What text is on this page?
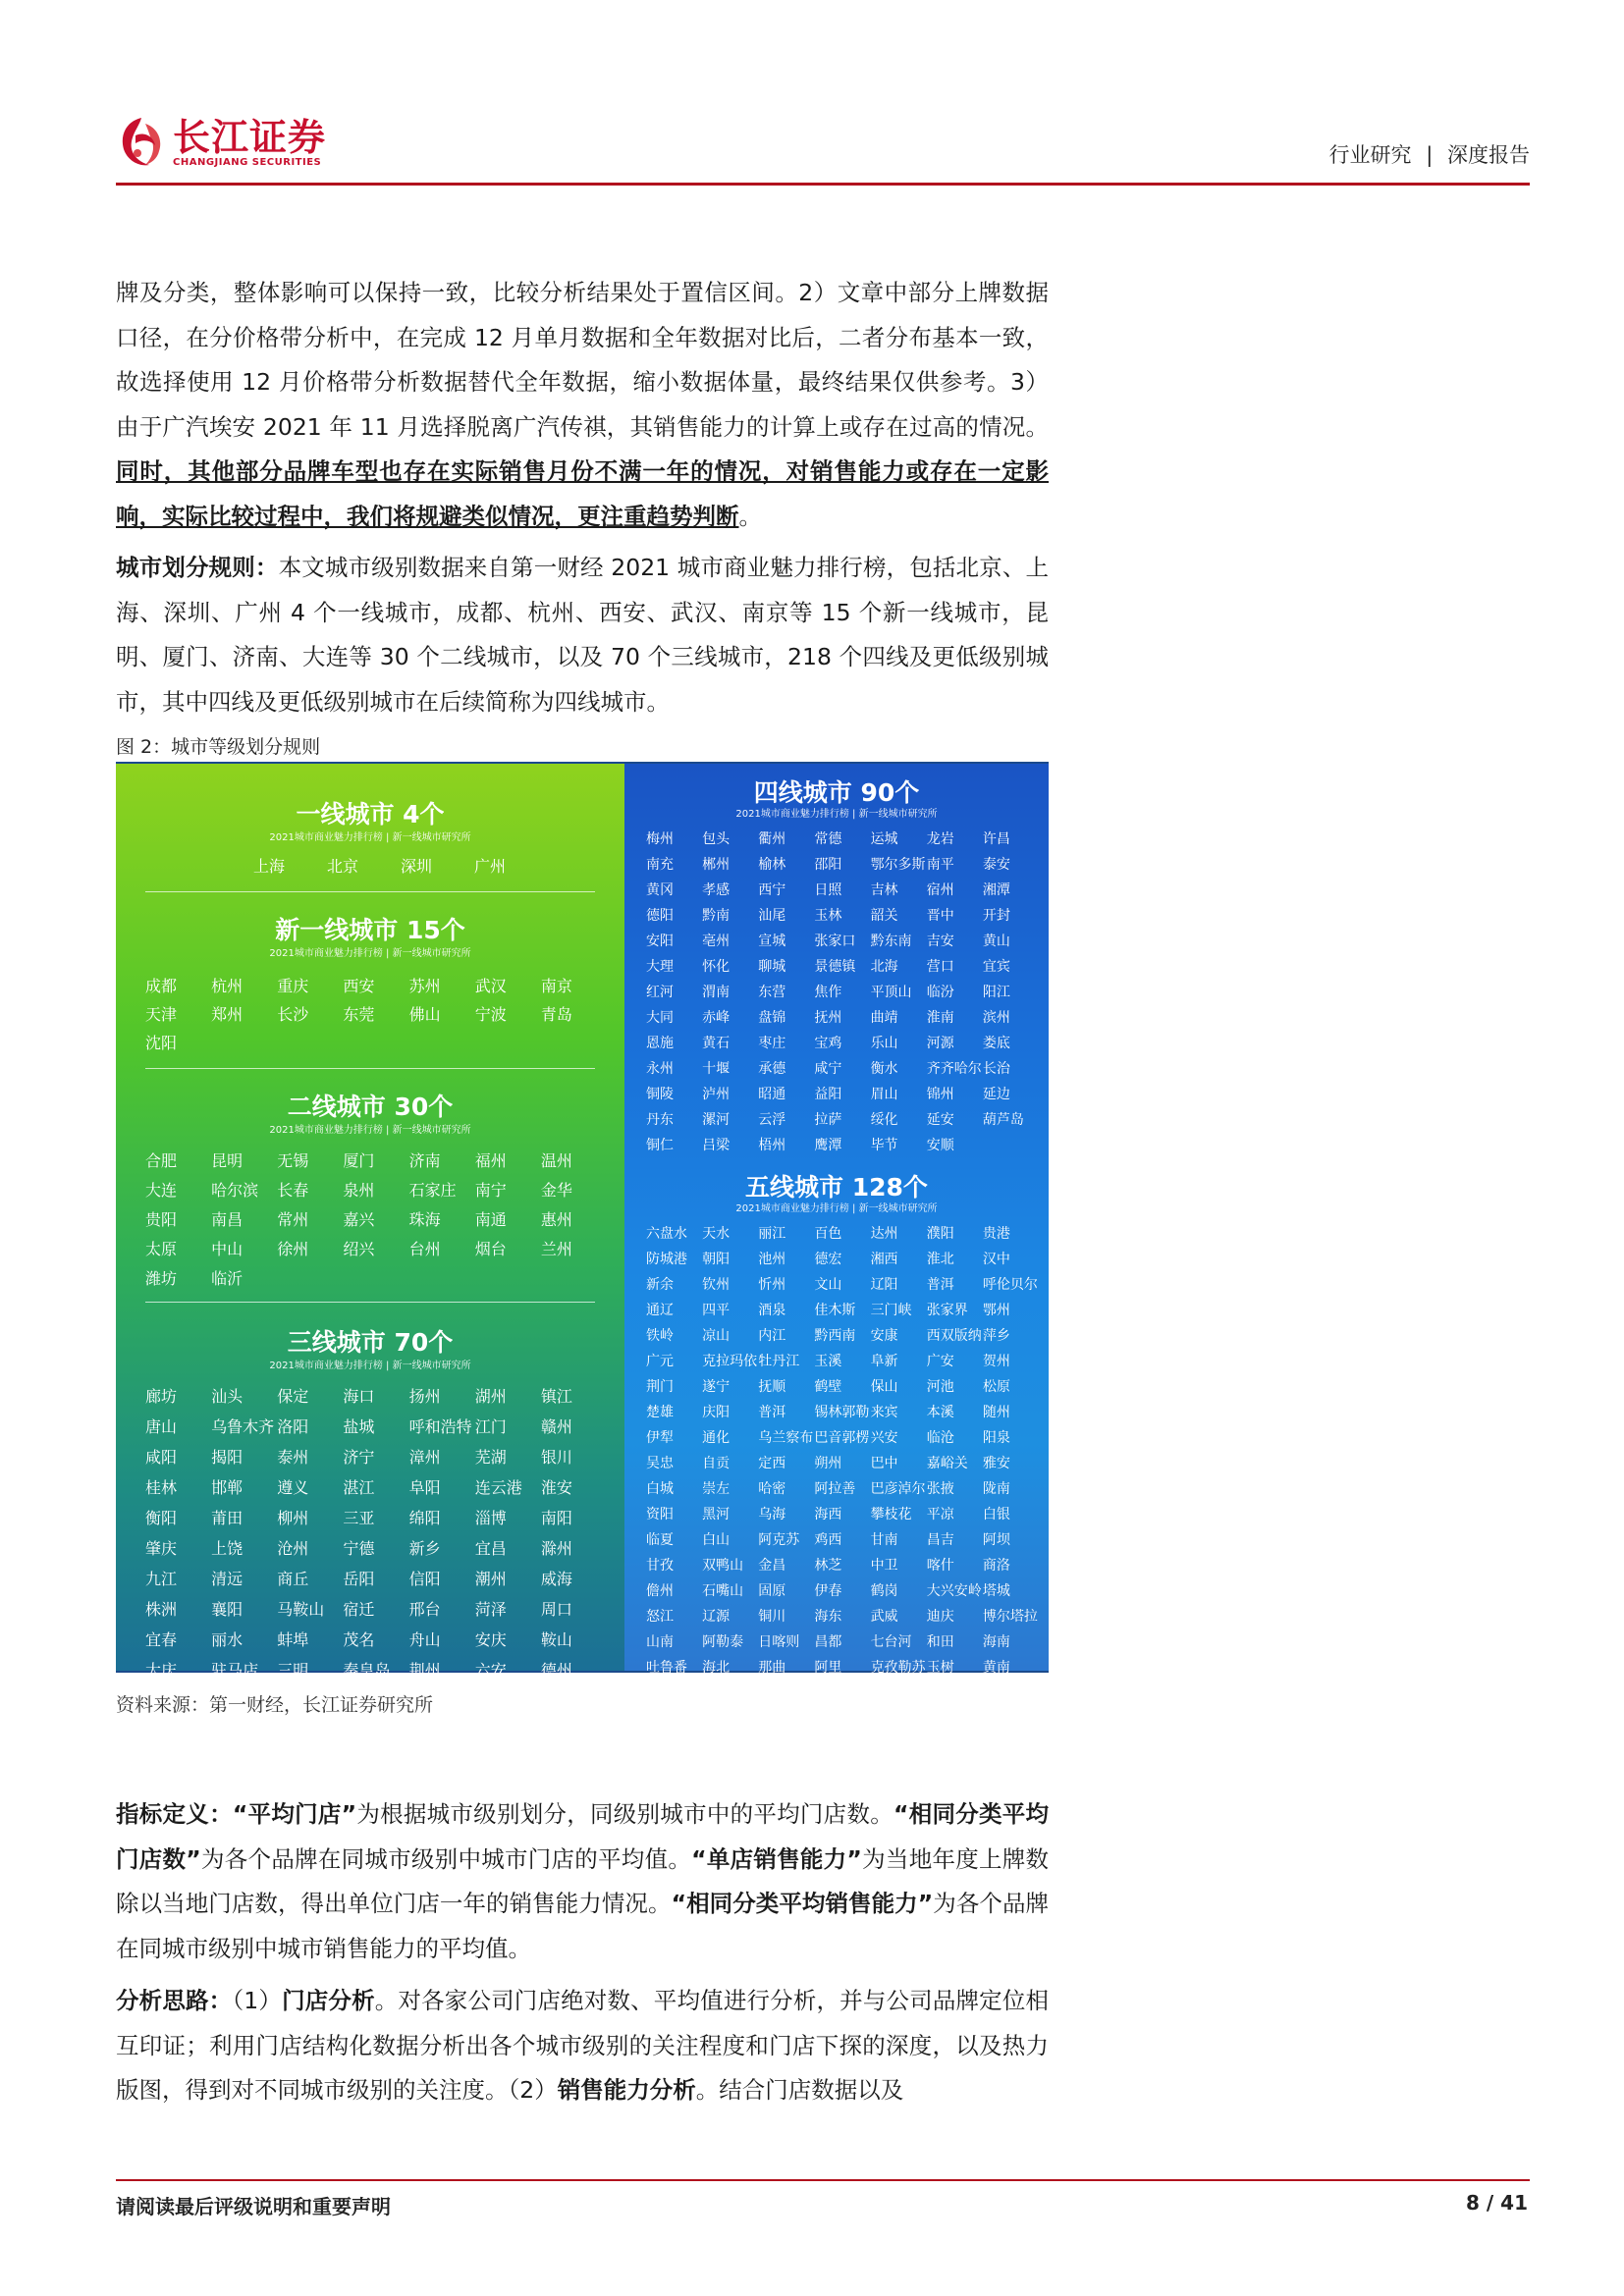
长江证券
CHANGJIANG SECURITIES	行业研究 | 深度报告
牌及分类，整体影响可以保持一致，比较分析结果处于置信区间。2）文章中部分上牌数据口径，在分价格带分析中，在完成 12 月单月数据和全年数据对比后，二者分布基本一致，故选择使用 12 月价格带分析数据替代全年数据，缩小数据体量，最终结果仅供参考。3）由于广汽埃安 2021 年 11 月选择脱离广汽传祺，其销售能力的计算上或存在过高的情况。同时，其他部分品牌车型也存在实际销售月份不满一年的情况，对销售能力或存在一定影响，实际比较过程中，我们将规避类似情况，更注重趋势判断。
城市划分规则：本文城市级别数据来自第一财经 2021 城市商业魅力排行榜，包括北京、上海、深圳、广州 4 个一线城市，成都、杭州、西安、武汉、南京等 15 个新一线城市，昆明、厦门、济南、大连等 30 个二线城市，以及 70 个三线城市，218 个四线及更低级别城市，其中四线及更低级别城市在后续简称为四线城市。
图 2：城市等级划分规则
一线城市 4个
2021城市商业魅力排行榜 | 新一线城市研究所
上海	北京	深圳	广州
新一线城市 15个
2021城市商业魅力排行榜 | 新一线城市研究所
成都	杭州	重庆	西安	苏州	武汉	南京
天津	郑州	长沙	东莞	佛山	宁波	青岛
沈阳
二线城市 30个
2021城市商业魅力排行榜 | 新一线城市研究所
合肥	昆明	无锡	厦门	济南	福州	温州
大连	哈尔滨	长春	泉州	石家庄	南宁	金华
贵阳	南昌	常州	嘉兴	珠海	南通	惠州
太原	中山	徐州	绍兴	台州	烟台	兰州
潍坊	临沂
三线城市 70个
2021城市商业魅力排行榜 | 新一线城市研究所
廊坊	汕头	保定	海口	扬州	湖州	镇江
唐山	乌鲁木齐 洛阳	盐城	呼和浩特 江门	赣州
咸阳	揭阳	泰州	济宁	漳州	芜湖	银川
桂林	邯郸	遵义	湛江	阜阳	连云港	淮安
衡阳	莆田	柳州	三亚	绵阳	淄博	南阳
肇庆	上饶	沧州	宁德	新乡	宜昌	滁州
九江	清远	商丘	岳阳	信阳	潮州	威海
株洲	襄阳	马鞍山	宿迁	邢台	菏泽	周口
宜春	丽水	蚌埠	茂名	舟山	安庆	鞍山
大庆	驻马店	三明	秦皇岛	荆州	六安	德州
四线城市 90个
2021城市商业魅力排行榜 | 新一线城市研究所
梅州	包头	衢州	常德	运城	龙岩	许昌
南充	郴州	榆林	邵阳	鄂尔多斯 南平	泰安
黄冈	孝感	西宁	日照	吉林	宿州	湘潭
德阳	黔南	汕尾	玉林	韶关	晋中	开封
安阳	亳州	宣城	张家口	黔东南	吉安	黄山
大理	怀化	聊城	景德镇	北海	营口	宜宾
红河	渭南	东营	焦作	平顶山	临汾	阳江
大同	赤峰	盘锦	抚州	曲靖	淮南	滨州
恩施	黄石	枣庄	宝鸡	乐山	河源	娄底
永州	十堰	承德	咸宁	衡水	齐齐哈尔 长治
铜陵	泸州	昭通	益阳	眉山	锦州	延边
丹东	漯河	云浮	拉萨	绥化	延安	葫芦岛
铜仁	吕梁	梧州	鹰潭	毕节	安顺
五线城市 128个
2021城市商业魅力排行榜 | 新一线城市研究所
六盘水	天水	丽江	百色	达州	濮阳	贵港
防城港	朝阳	池州	德宏	湘西	淮北	汉中
新余	钦州	忻州	文山	辽阳	普洱	呼伦贝尔
通辽	四平	酒泉	佳木斯	三门峡	张家界	鄂州
铁岭	凉山	内江	黔西南	安康	西双版纳 萍乡
广元	克拉玛依 牡丹江	玉溪	阜新	广安	贺州
荆门	遂宁	抚顺	鹤壁	保山	河池	松原
楚雄	庆阳	普洱	锡林郭勒 来宾	本溪	随州
伊犁	通化	乌兰察布 巴音郭楞 兴安	临沧	阳泉
吴忠	自贡	定西	朔州	巴中	嘉峪关	雅安
白城	崇左	哈密	阿拉善	巴彦淖尔 张掖	陇南
资阳	黑河	乌海	海西	攀枝花	平凉	白银
临夏	白山	阿克苏	鸡西	甘南	昌吉	阿坝
甘孜	双鸭山	金昌	林芝	中卫	喀什	商洛
儋州	石嘴山	固原	伊春	鹤岗	大兴安岭 塔城
怒江	辽源	铜川	海东	武威	迪庆	博尔塔拉
山南	阿勒泰	日喀则	昌都	七台河	和田	海南
吐鲁番	海北	那曲	阿里	克孜勒苏 玉树	黄南
果洛	三沙
资料来源：第一财经，长江证券研究所
指标定义：“平均门店”为根据城市级别划分，同级别城市中的平均门店数。“相同分类平均门店数”为各个品牌在同城市级别中城市门店的平均值。“单店销售能力”为当地年度上牌数除以当地门店数，得出单位门店一年的销售能力情况。“相同分类平均销售能力”为各个品牌在同城市级别中城市销售能力的平均值。
分析思路：（1）门店分析。对各家公司门店绝对数、平均值进行分析，并与公司品牌定位相互印证；利用门店结构化数据分析出各个城市级别的关注程度和门店下探的深度，以及热力版图，得到对不同城市级别的关注度。（2）销售能力分析。结合门店数据以及
请阅读最后评级说明和重要声明	8 / 41
